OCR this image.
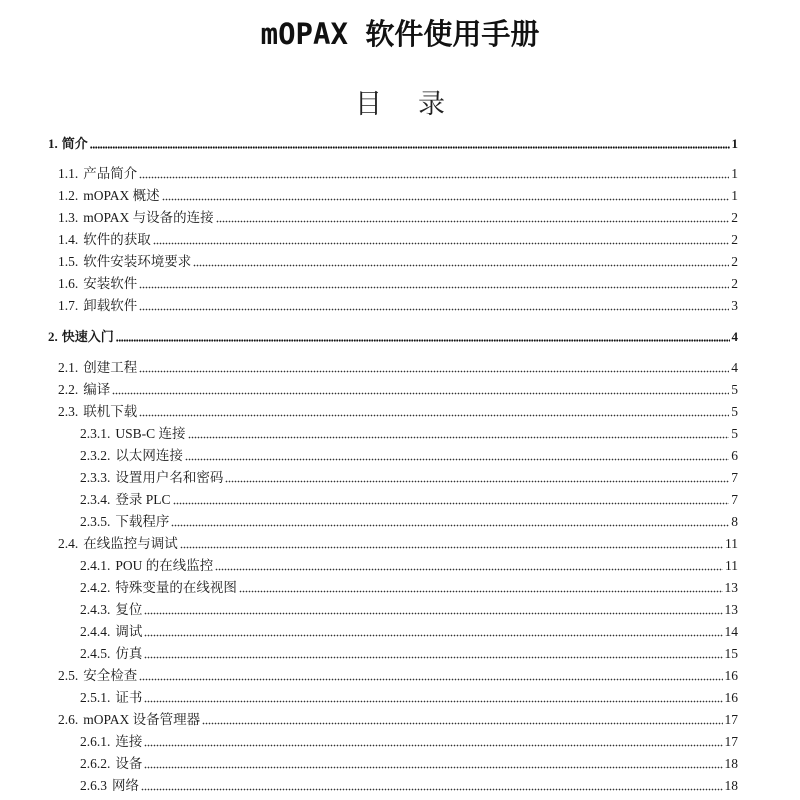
mOPAX 软件使用手册
目 录
1. 简介	1
1.1. 产品简介	1
1.2. mOPAX 概述	1
1.3. mOPAX 与设备的连接	2
1.4. 软件的获取	2
1.5. 软件安装环境要求	2
1.6. 安装软件	2
1.7. 卸载软件	3
2. 快速入门	4
2.1. 创建工程	4
2.2. 编译	5
2.3. 联机下载	5
2.3.1. USB-C 连接	5
2.3.2. 以太网连接	6
2.3.3. 设置用户名和密码	7
2.3.4. 登录 PLC	7
2.3.5. 下载程序	8
2.4. 在线监控与调试	11
2.4.1. POU 的在线监控	11
2.4.2. 特殊变量的在线视图	13
2.4.3. 复位	13
2.4.4. 调试	14
2.4.5. 仿真	15
2.5. 安全检查	16
2.5.1. 证书	16
2.6. mOPAX 设备管理器	17
2.6.1. 连接	17
2.6.2. 设备	18
2.6.3 网络	18
